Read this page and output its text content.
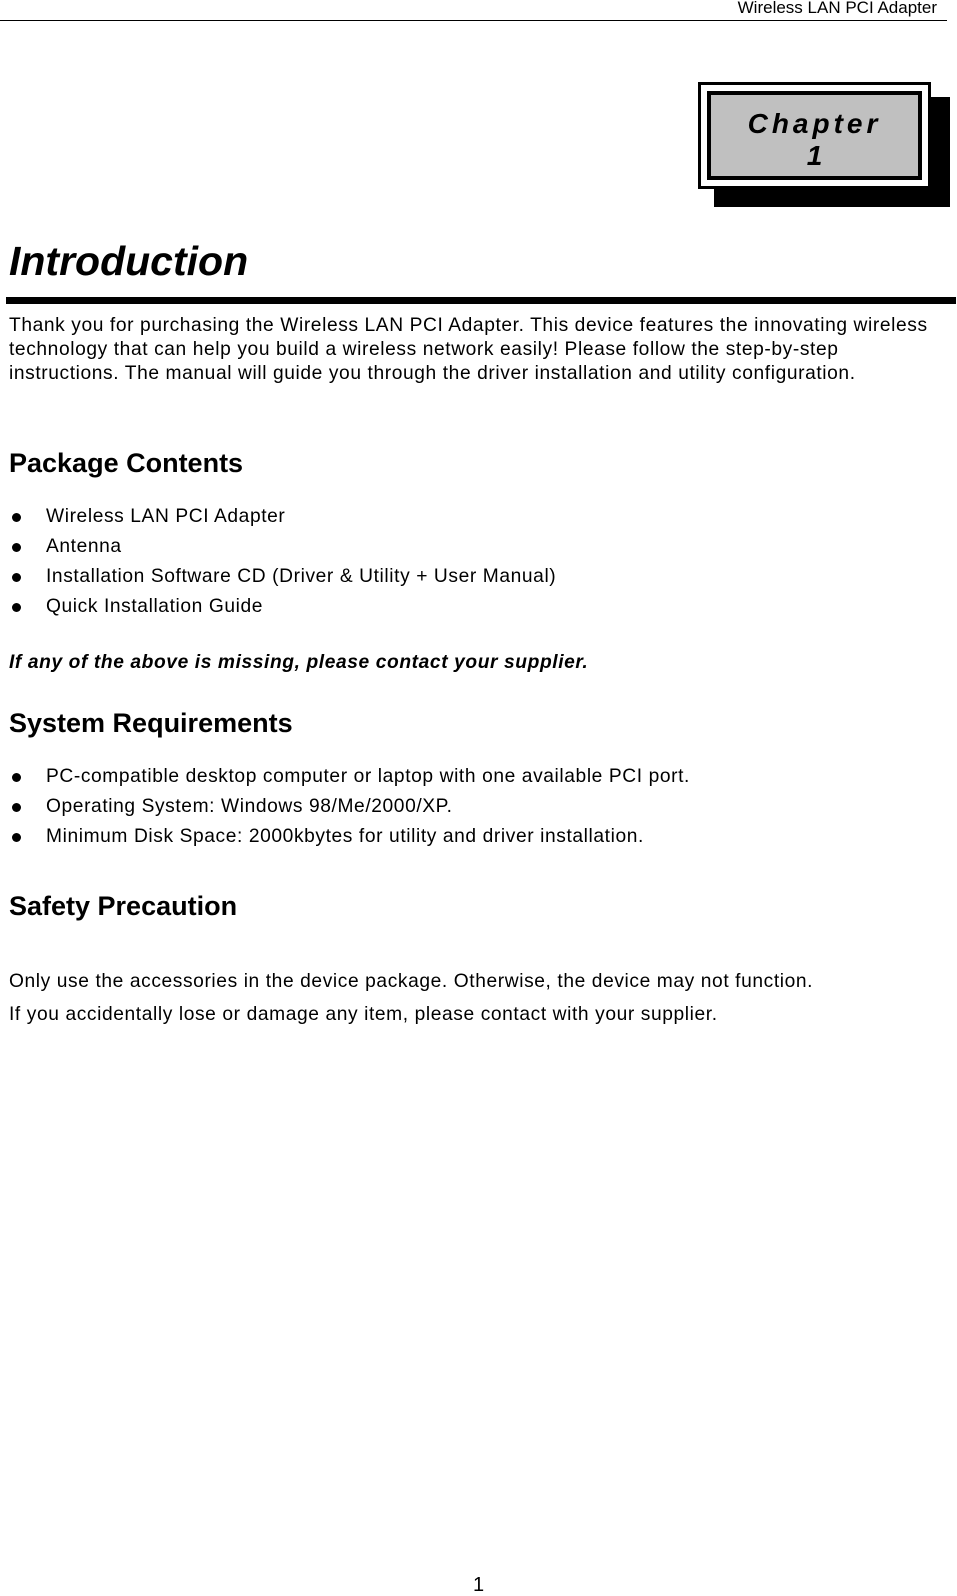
Wireless LAN PCI Adapter
Chapter
1
Introduction

Thank you for purchasing the Wireless LAN PCI Adapter. This device features the innovating wireless technology that can help you build a wireless network easily! Please follow the step-by-step instructions. The manual will guide you through the driver installation and utility configuration.

Package Contents
Wireless LAN PCI Adapter
Antenna
Installation Software CD (Driver & Utility + User Manual)
Quick Installation Guide

If any of the above is missing, please contact your supplier.

System Requirements
PC-compatible desktop computer or laptop with one available PCI port.
Operating System: Windows 98/Me/2000/XP.
Minimum Disk Space: 2000kbytes for utility and driver installation.
Safety Precaution

Only use the accessories in the device package. Otherwise, the device may not function.

If you accidentally lose or damage any item, please contact with your supplier.

1
